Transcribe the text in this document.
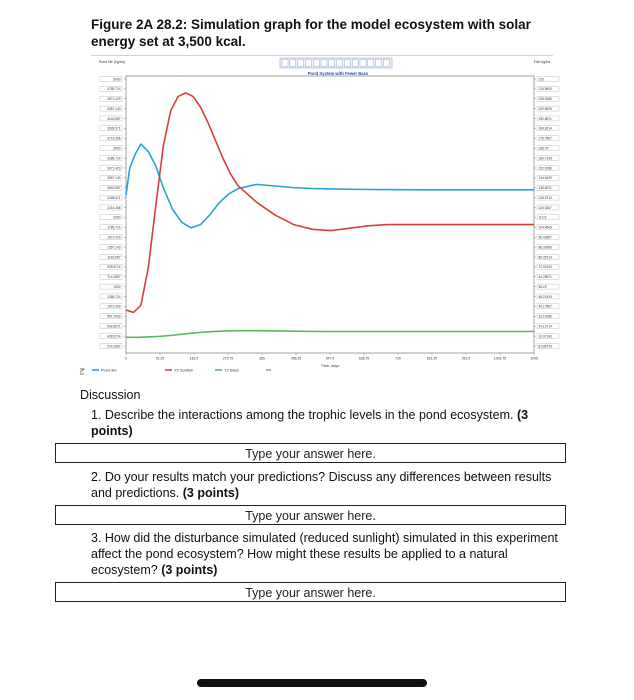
Figure 2A 28.2: Simulation graph for the model ecosystem with solar
energy set at 3,500 kcal.
Pond System with Fewer Bass
Pond life (kg/ha)	Fish kg/ha
5000
4785.714
4571.429
4357.143
4142.857
3928.571
3714.286
3500
3285.714
3071.429
2857.143
2642.857
2428.571
2214.286
2000
1785.714
1571.429
1357.143
1142.857
928.5714
714.2857
1500
1285.714
1071.429
857.1429
642.8571
428.5714
214.2857
225
216.9643
208.9286
200.8929
192.8571
184.8214
176.7857
168.75
160.7143
152.6786
144.6429
136.6071
128.5714
120.5357
112.5
104.4643
96.42857
88.39286
80.35714
72.32143
64.28571
56.25
48.21429
40.17857
32.14286
24.10714
16.07143
8.035714
0	91.25	182.5	273.75	365	456.25	547.5	638.75	730	821.25	912.5	1003.75	1095
Time, days
Pond life	Y2 Sunfish	Y2 Bass
Discussion
1. Describe the interactions among the trophic levels in the pond ecosystem. (3 points)
Type your answer here.
2. Do your results match your predictions? Discuss any differences between results and predictions. (3 points)
Type your answer here.
3. How did the disturbance simulated (reduced sunlight) simulated in this experiment affect the pond ecosystem? How might these results be applied to a natural ecosystem? (3 points)
Type your answer here.
